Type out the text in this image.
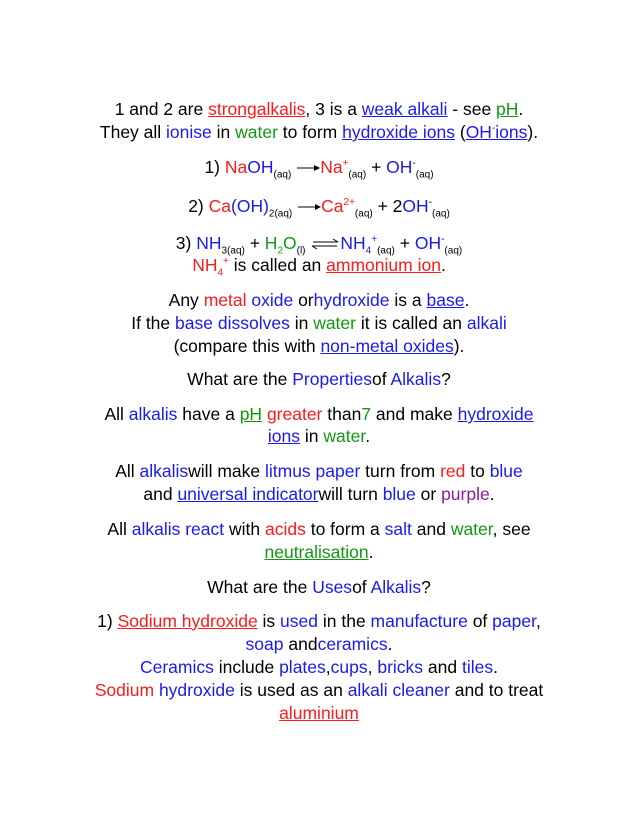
1 and 2 are strongalkalis, 3 is a weak alkali - see pH.
They all ionise in water to form hydroxide ions (OH-ions).
1) NaOH$_{(aq)}$ $Na^+_{(aq)} + OH^-_{(aq)}$
2) $Ca(OH)_{2(aq)}$ $Ca^{2+}_{(aq)} + 2OH^-_{(aq)}$
3) $NH_{3(aq)} + H_2O_{(l)}$ $\rightleftharpoons NH_4^+_{(aq)} + OH^-_{(aq)}$
$NH_4^+$ is called an ammonium ion.
Any metal oxide orhydroxide is a base.
If the base dissolves in water it is called an alkali
(compare this with non-metal oxides).
What are the Propertiesof Alkalis?
All alkalis have a pH greater than7 and make hydroxide
ions in water.
All alkaliswill make litmus paper turn from red to blue
and universal indicatorwill turn blue or purple.
All alkalis react with acids to form a salt and water, see
neutralisation.
What are the Usesof Alkalis?
1) Sodium hydroxide is used in the manufacture of paper,
soap andceramics.
Ceramics include plates,cups, bricks and tiles.
Sodium hydroxide is used as an alkali cleaner and to treat
aluminium
